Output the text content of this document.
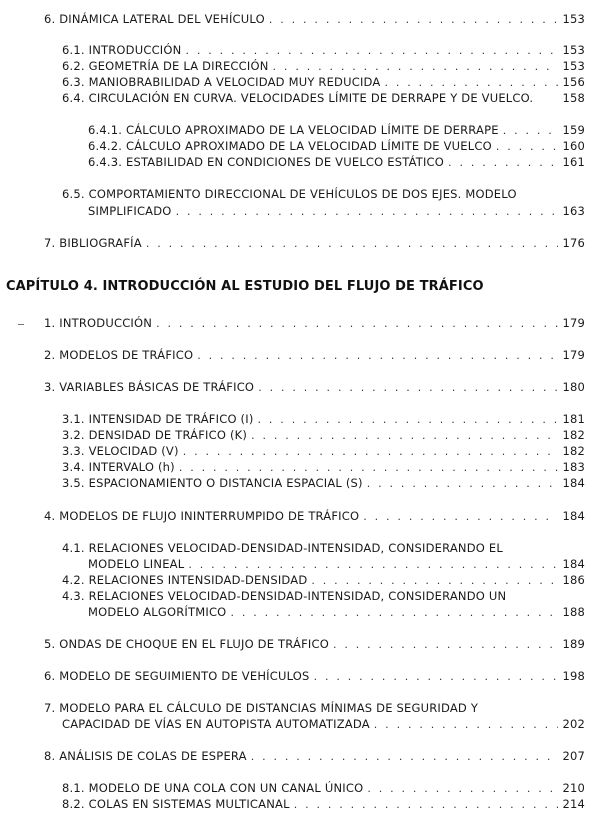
6. DINÁMICA LATERAL DEL VEHÍCULO . . .	153
6.1. INTRODUCCIÓN . . .	153
6.2. GEOMETRÍA DE LA DIRECCIÓN . . .	153
6.3. MANIOBRABILIDAD A VELOCIDAD MUY REDUCIDA . . .	156
6.4. CIRCULACIÓN EN CURVA. VELOCIDADES LÍMITE DE DERRAPE Y DE VUELCO.	158
6.4.1. CÁLCULO APROXIMADO DE LA VELOCIDAD LÍMITE DE DERRAPE . . .	159
6.4.2. CÁLCULO APROXIMADO DE LA VELOCIDAD LÍMITE DE VUELCO . . .	160
6.4.3. ESTABILIDAD EN CONDICIONES DE VUELCO ESTÁTICO . . .	161
6.5. COMPORTAMIENTO DIRECCIONAL DE VEHÍCULOS DE DOS EJES. MODELO
SIMPLIFICADO . . .	163
7. BIBLIOGRAFÍA . . .	176
CAPÍTULO 4. INTRODUCCIÓN AL ESTUDIO DEL FLUJO DE TRÁFICO
1. INTRODUCCIÓN . . .	179
2. MODELOS DE TRÁFICO . . .	179
3. VARIABLES BÁSICAS DE TRÁFICO . . .	180
3.1. INTENSIDAD DE TRÁFICO (I) . . .	181
3.2. DENSIDAD DE TRÁFICO (K) . . .	182
3.3. VELOCIDAD (V) . . .	182
3.4. INTERVALO (h) . . .	183
3.5. ESPACIONAMIENTO O DISTANCIA ESPACIAL (S) . . .	184
4. MODELOS DE FLUJO ININTERRUMPIDO DE TRÁFICO . . .	184
4.1. RELACIONES VELOCIDAD-DENSIDAD-INTENSIDAD, CONSIDERANDO EL
MODELO LINEAL . . .	184
4.2. RELACIONES INTENSIDAD-DENSIDAD . . .	186
4.3. RELACIONES VELOCIDAD-DENSIDAD-INTENSIDAD, CONSIDERANDO UN
MODELO ALGORÍTMICO . . .	188
5. ONDAS DE CHOQUE EN EL FLUJO DE TRÁFICO . . .	189
6. MODELO DE SEGUIMIENTO DE VEHÍCULOS . . .	198
7. MODELO PARA EL CÁLCULO DE DISTANCIAS MÍNIMAS DE SEGURIDAD Y
CAPACIDAD DE VÍAS EN AUTOPISTA AUTOMATIZADA . . .	202
8. ANÁLISIS DE COLAS DE ESPERA . . .	207
8.1. MODELO DE UNA COLA CON UN CANAL ÚNICO . . .	210
8.2. COLAS EN SISTEMAS MULTICANAL . . .	214
